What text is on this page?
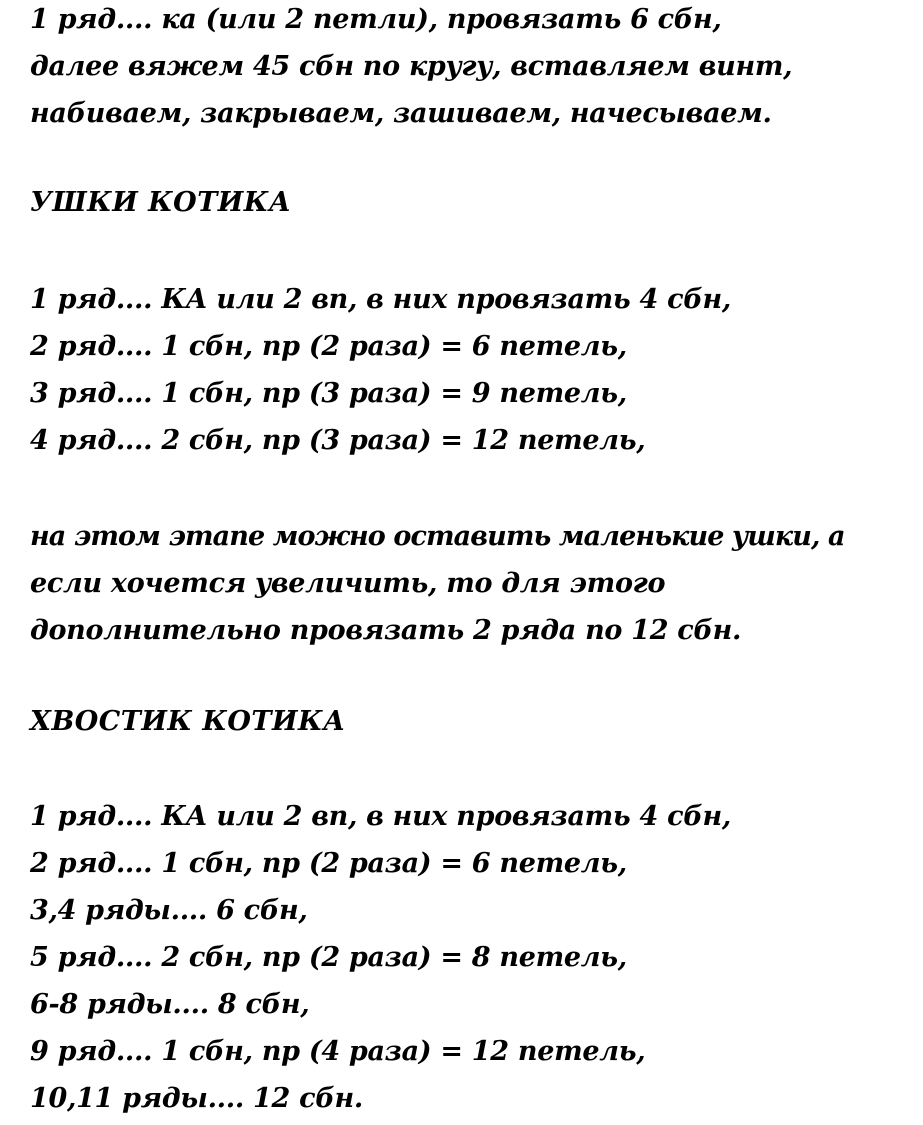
1 ряд.... ка (или 2 петли), провязать 6 сбн,
далее вяжем 45 сбн по кругу, вставляем винт,
набиваем, закрываем, зашиваем, начесываем.
УШКИ КОТИКА
1 ряд.... КА или 2 вп, в них провязать 4 сбн,
2 ряд.... 1 сбн, пр (2 раза) = 6 петель,
3 ряд.... 1 сбн, пр (3 раза) = 9 петель,
4 ряд.... 2 сбн, пр (3 раза) = 12 петель,
на этом этапе можно оставить маленькие ушки, а
если хочется увеличить, то для этого
дополнительно провязать 2 ряда по 12 сбн.
ХВОСТИК КОТИКА
1 ряд.... КА или 2 вп, в них провязать 4 сбн,
2 ряд.... 1 сбн, пр (2 раза) = 6 петель,
3,4 ряды.... 6 сбн,
5 ряд.... 2 сбн, пр (2 раза) = 8 петель,
6-8 ряды.... 8 сбн,
9 ряд.... 1 сбн, пр (4 раза) = 12 петель,
10,11 ряды.... 12 сбн.
